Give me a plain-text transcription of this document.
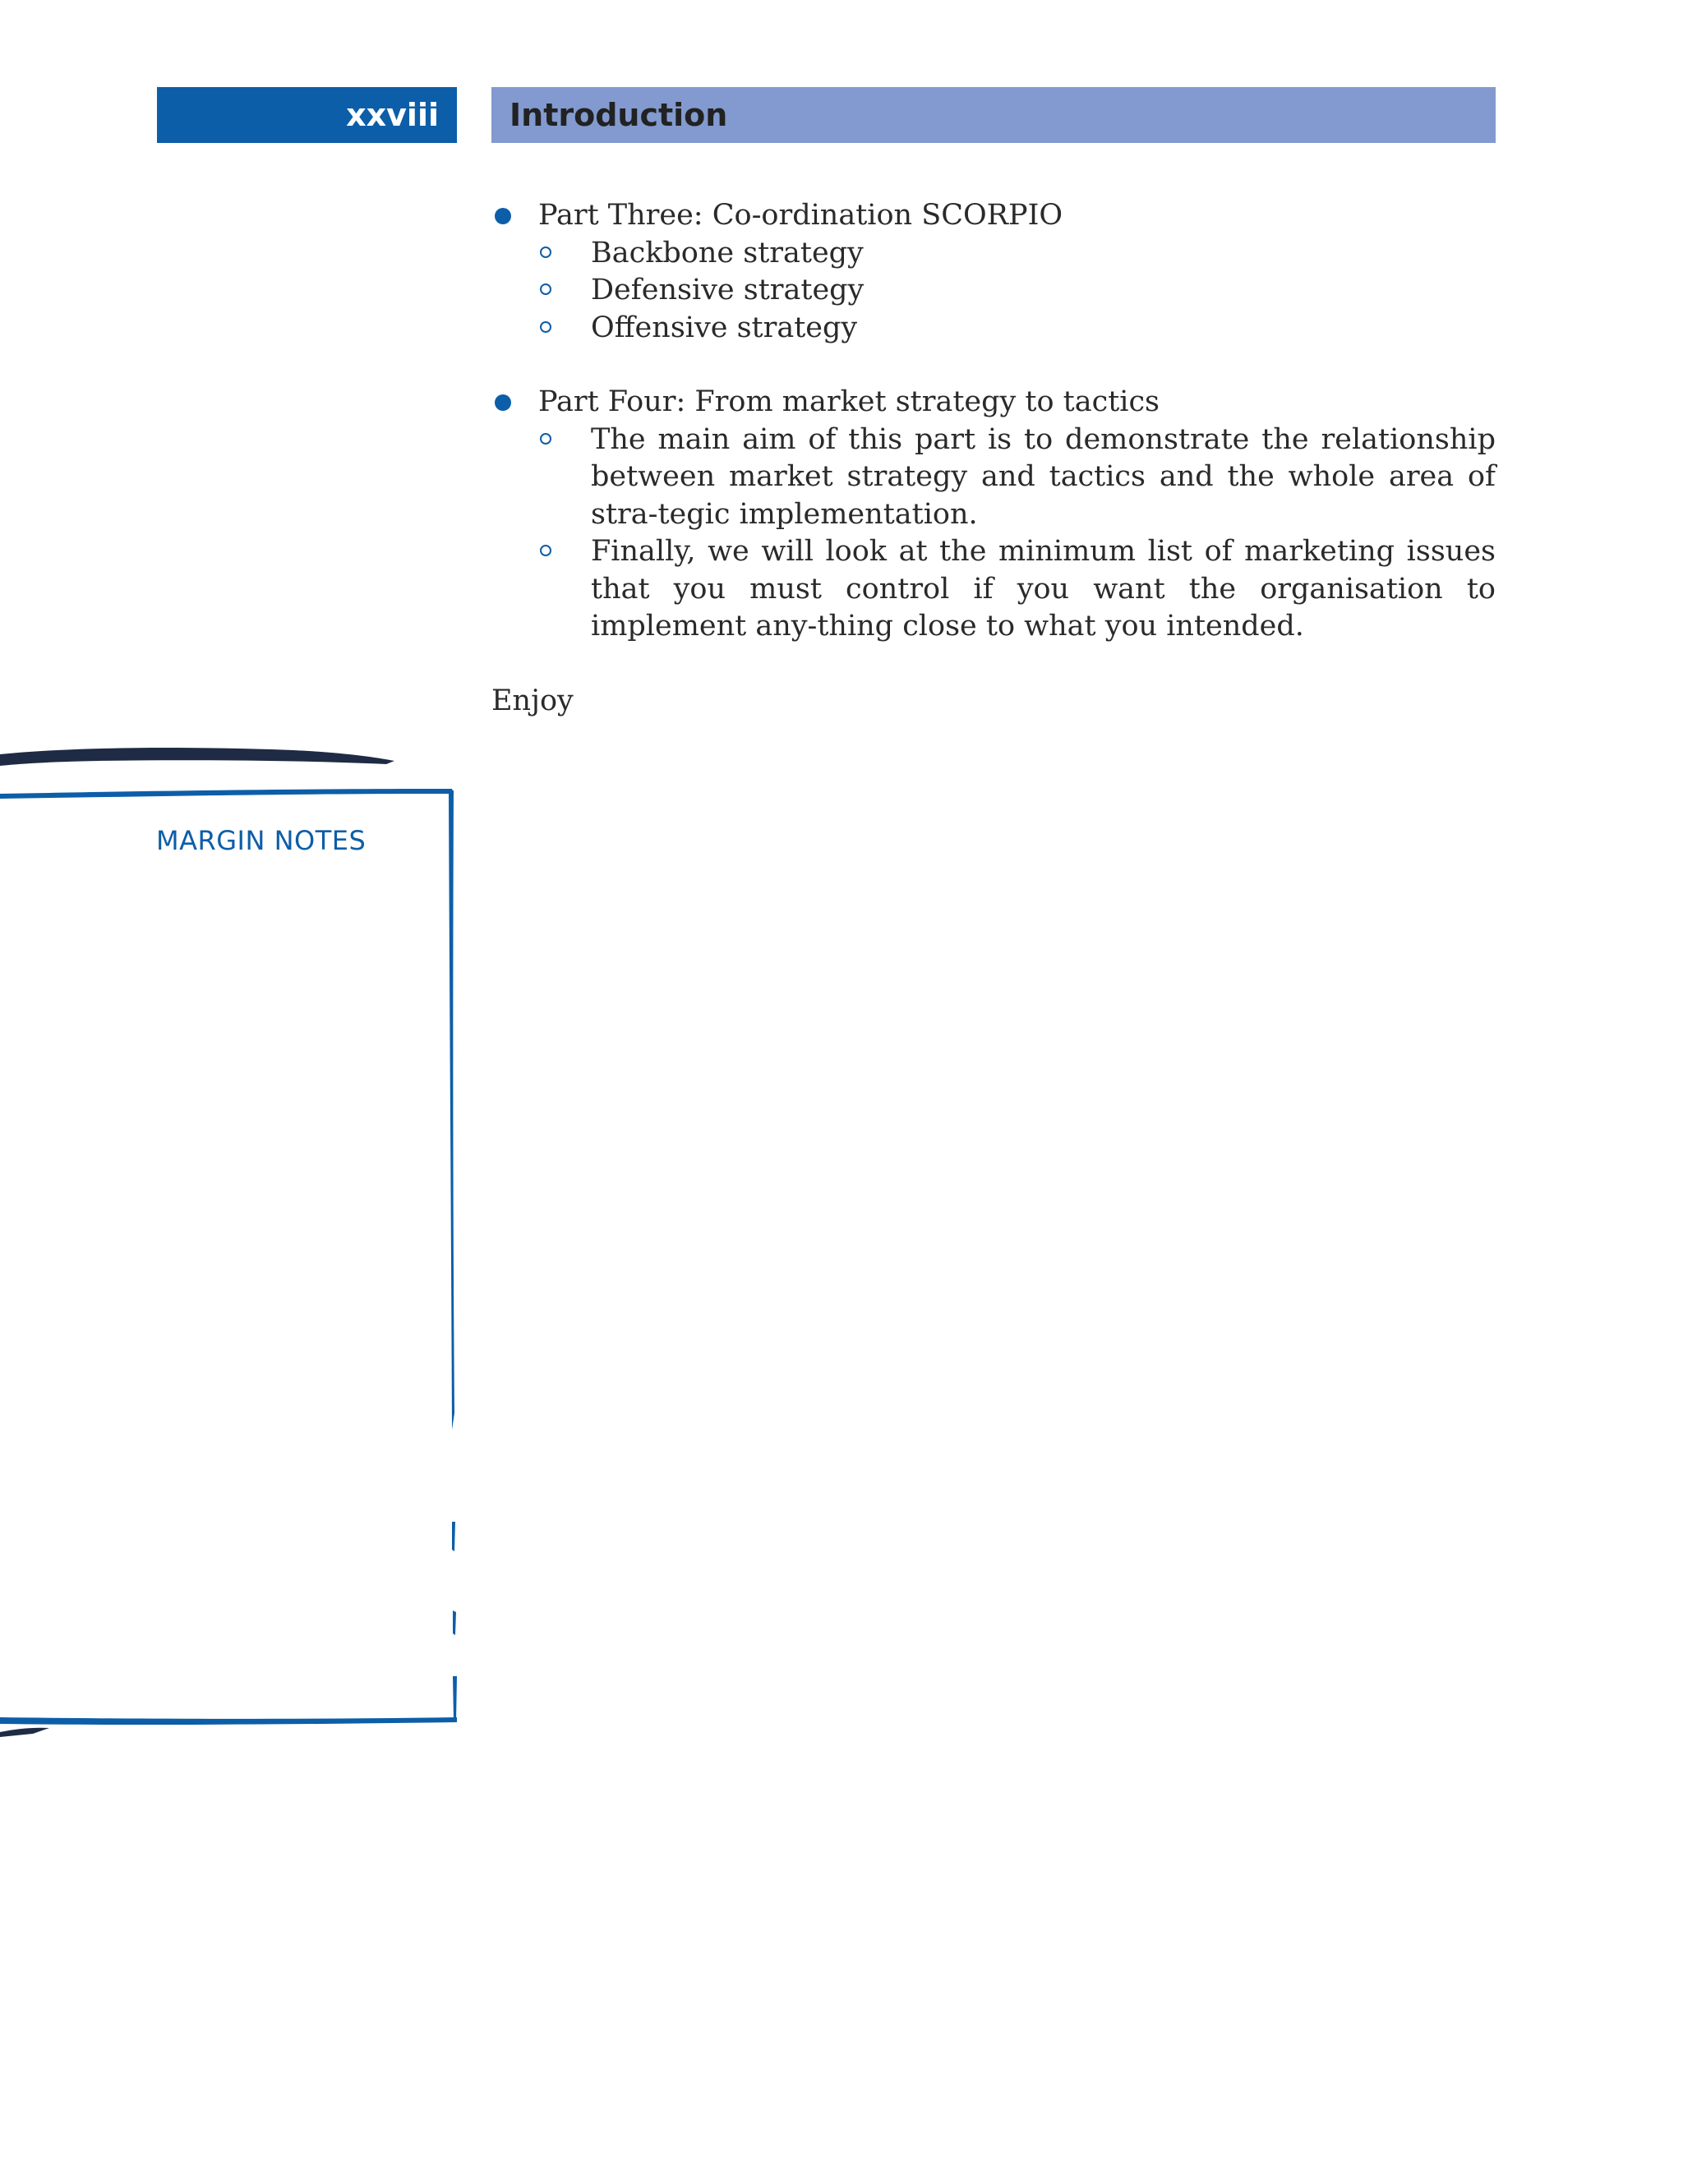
xxviii	Introduction
Part Three: Co-ordination SCORPIO
Backbone strategy
Defensive strategy
Offensive strategy
Part Four: From market strategy to tactics
The main aim of this part is to demonstrate the relationship between market strategy and tactics and the whole area of stra-tegic implementation.
Finally, we will look at the minimum list of marketing issues that you must control if you want the organisation to implement any-thing close to what you intended.
Enjoy
MARGIN NOTES
